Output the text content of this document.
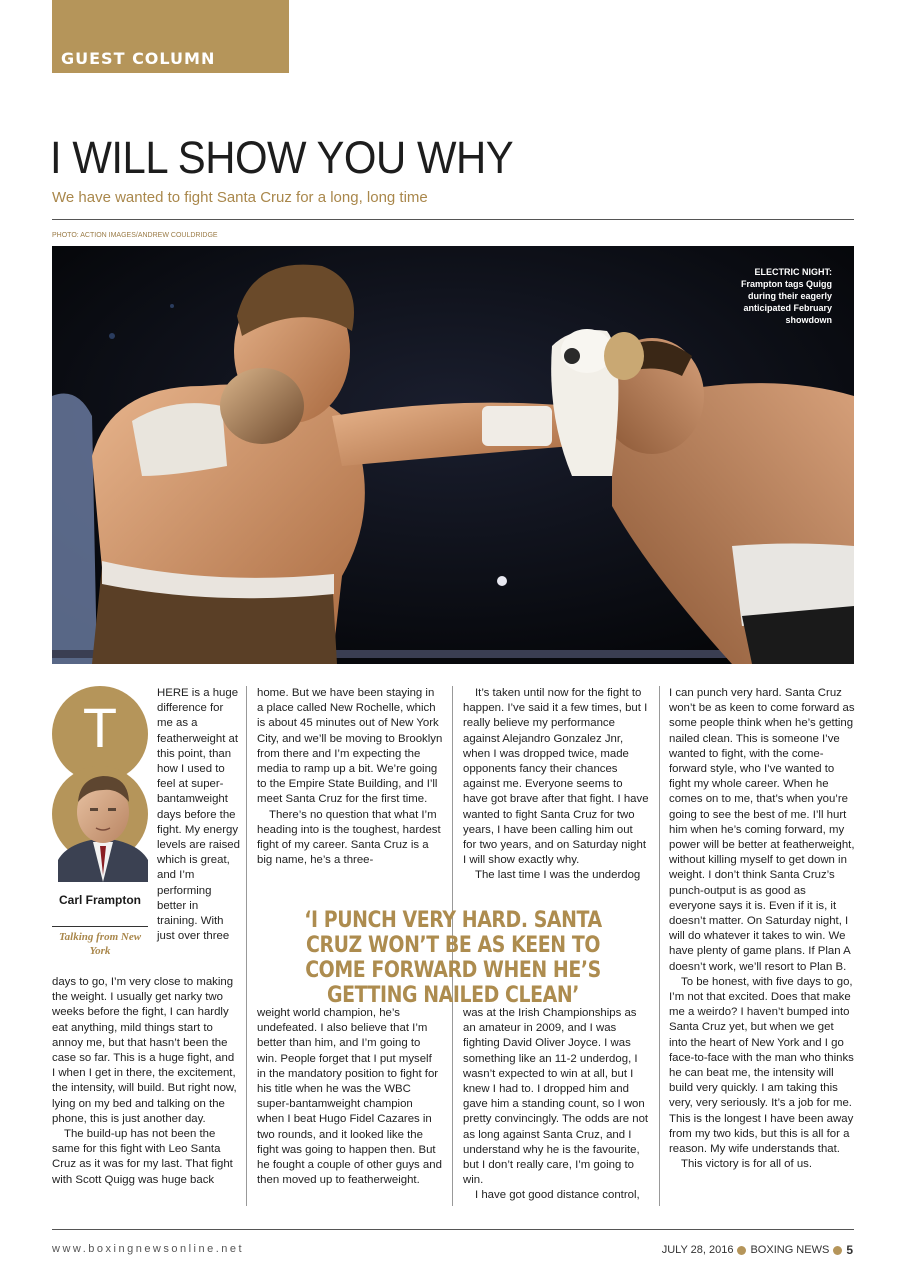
GUEST COLUMN
I WILL SHOW YOU WHY
We have wanted to fight Santa Cruz for a long, long time
PHOTO: ACTION IMAGES/ANDREW COULDRIDGE
ELECTRIC NIGHT:
Frampton tags Quigg during their eagerly anticipated February showdown
T
Carl Frampton
Talking from New York

HERE is a huge difference for me as a featherweight at this point, than how I used to feel at super-bantamweight days before the fight. My energy levels are raised which is great, and I’m performing better in training. With just over three

days to go, I’m very close to making the weight. I usually get narky two weeks before the fight, I can hardly eat anything, mild things start to annoy me, but that hasn’t been the case so far. This is a huge fight, and I when I get in there, the excitement, the intensity, will build. But right now, lying on my bed and talking on the phone, this is just another day.

The build-up has not been the same for this fight with Leo Santa Cruz as it was for my last. That fight with Scott Quigg was huge back

home. But we have been staying in a place called New Rochelle, which is about 45 minutes out of New York City, and we’ll be moving to Brooklyn from there and I’m expecting the media to ramp up a bit. We’re going to the Empire State Building, and I’ll meet Santa Cruz for the first time.

There’s no question that what I’m heading into is the toughest, hardest fight of my career. Santa Cruz is a big name, he’s a three-

weight world champion, he’s undefeated. I also believe that I’m better than him, and I’m going to win. People forget that I put myself in the mandatory position to fight for his title when he was the WBC super-bantamweight champion when I beat Hugo Fidel Cazares in two rounds, and it looked like the fight was going to happen then. But he fought a couple of other guys and then moved up to featherweight.

It’s taken until now for the fight to happen. I’ve said it a few times, but I really believe my performance against Alejandro Gonzalez Jnr, when I was dropped twice, made opponents fancy their chances against me. Everyone seems to have got brave after that fight. I have wanted to fight Santa Cruz for two years, I have been calling him out for two years, and on Saturday night I will show exactly why.

The last time I was the underdog

was at the Irish Championships as an amateur in 2009, and I was fighting David Oliver Joyce. I was something like an 11-2 underdog, I wasn’t expected to win at all, but I knew I had to. I dropped him and gave him a standing count, so I won pretty convincingly. The odds are not as long against Santa Cruz, and I understand why he is the favourite, but I don’t really care, I’m going to win.

I have got good distance control,

I can punch very hard. Santa Cruz won’t be as keen to come forward as some people think when he’s getting nailed clean. This is someone I’ve wanted to fight, with the come-forward style, who I’ve wanted to fight my whole career. When he comes on to me, that’s when you’re going to see the best of me. I’ll hurt him when he’s coming forward, my power will be better at featherweight, without killing myself to get down in weight. I don’t think Santa Cruz’s punch-output is as good as everyone says it is. Even if it is, it doesn’t matter. On Saturday night, I will do whatever it takes to win. We have plenty of game plans. If Plan A doesn’t work, we’ll resort to Plan B.

To be honest, with five days to go, I’m not that excited. Does that make me a weirdo? I haven’t bumped into Santa Cruz yet, but when we get into the heart of New York and I go face-to-face with the man who thinks he can beat me, the intensity will build very quickly. I am taking this very, very seriously. It’s a job for me. This is the longest I have been away from my two kids, but this is all for a reason. My wife understands that.

This victory is for all of us.

‘I PUNCH VERY HARD. SANTA CRUZ WON’T BE AS KEEN TO COME FORWARD WHEN HE’S GETTING NAILED CLEAN’
www.boxingnewsonline.net	JULY 28, 2016 BOXING NEWS 5
